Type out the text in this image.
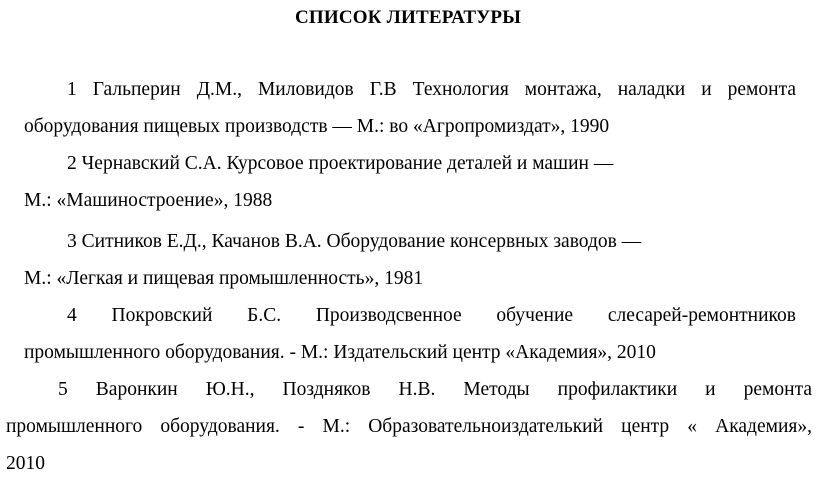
СПИСОК ЛИТЕРАТУРЫ
1 Гальперин Д.М., Миловидов Г.В Технология монтажа, наладки и ремонта
оборудования пищевых производств — М.: во «Агропромиздат», 1990
2 Чернавский С.А. Курсовое проектирование деталей и машин —
М.: «Машиностроение», 1988
3 Ситников Е.Д., Качанов В.А. Оборудование консервных заводов —
М.: «Легкая и пищевая промышленность», 1981
4 Покровский Б.С. Производсвенное обучение слесарей-ремонтников
промышленного оборудования. - М.: Издательский центр «Академия», 2010
5 Варонкин Ю.Н., Поздняков Н.В. Методы профилактики и ремонта
промышленного оборудования. - М.: Образовательноиздателький центр « Академия»,
2010
